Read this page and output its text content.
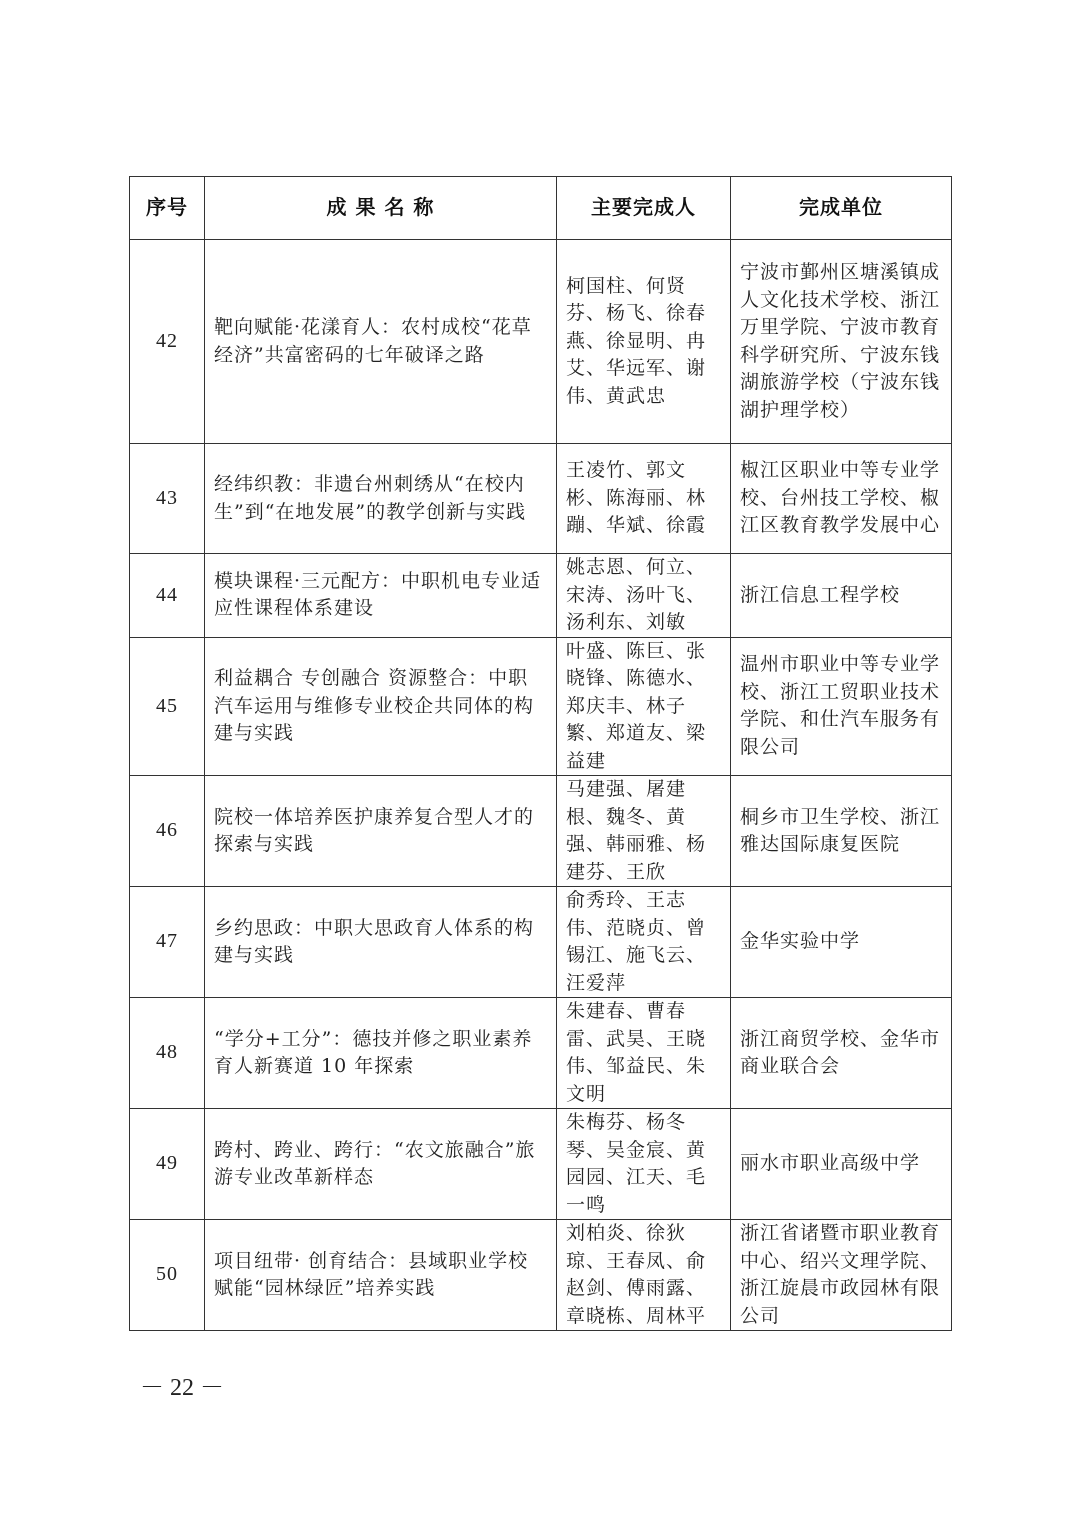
序号	成 果 名 称	主要完成人	完成单位
42	靶向赋能·花漾育人：农村成校“花草经济”共富密码的七年破译之路	柯国柱、何贤芬、杨飞、徐春燕、徐显明、冉艾、华远军、谢伟、黄武忠	宁波市鄞州区塘溪镇成人文化技术学校、浙江万里学院、宁波市教育科学研究所、宁波东钱湖旅游学校（宁波东钱湖护理学校）
43	经纬织教：非遗台州刺绣从“在校内生”到“在地发展”的教学创新与实践	王凌竹、郭文彬、陈海丽、林蹦、华斌、徐霞	椒江区职业中等专业学校、台州技工学校、椒江区教育教学发展中心
44	模块课程·三元配方：中职机电专业适应性课程体系建设	姚志恩、何立、宋涛、汤叶飞、汤利东、刘敏	浙江信息工程学校
45	利益耦合 专创融合 资源整合：中职汽车运用与维修专业校企共同体的构建与实践	叶盛、陈巨、张晓锋、陈德水、郑庆丰、林子繁、郑道友、梁益建	温州市职业中等专业学校、浙江工贸职业技术学院、和仕汽车服务有限公司
46	院校一体培养医护康养复合型人才的探索与实践	马建强、屠建根、魏冬、黄强、韩丽雅、杨建芬、王欣	桐乡市卫生学校、浙江雅达国际康复医院
47	乡约思政：中职大思政育人体系的构建与实践	俞秀玲、王志伟、范晓贞、曾锡江、施飞云、汪爱萍	金华实验中学
48	“学分+工分”：德技并修之职业素养育人新赛道 10 年探索	朱建春、曹春雷、武昊、王晓伟、邹益民、朱文明	浙江商贸学校、金华市商业联合会
49	跨村、跨业、跨行：“农文旅融合”旅游专业改革新样态	朱梅芬、杨冬琴、吴金宸、黄园园、江天、毛一鸣	丽水市职业高级中学
50	项目纽带· 创育结合：县域职业学校赋能“园林绿匠”培养实践	刘柏炎、徐狄琼、王春凤、俞赵剑、傅雨露、章晓栋、周林平	浙江省诸暨市职业教育中心、绍兴文理学院、浙江旋晨市政园林有限公司
－ 22 －
